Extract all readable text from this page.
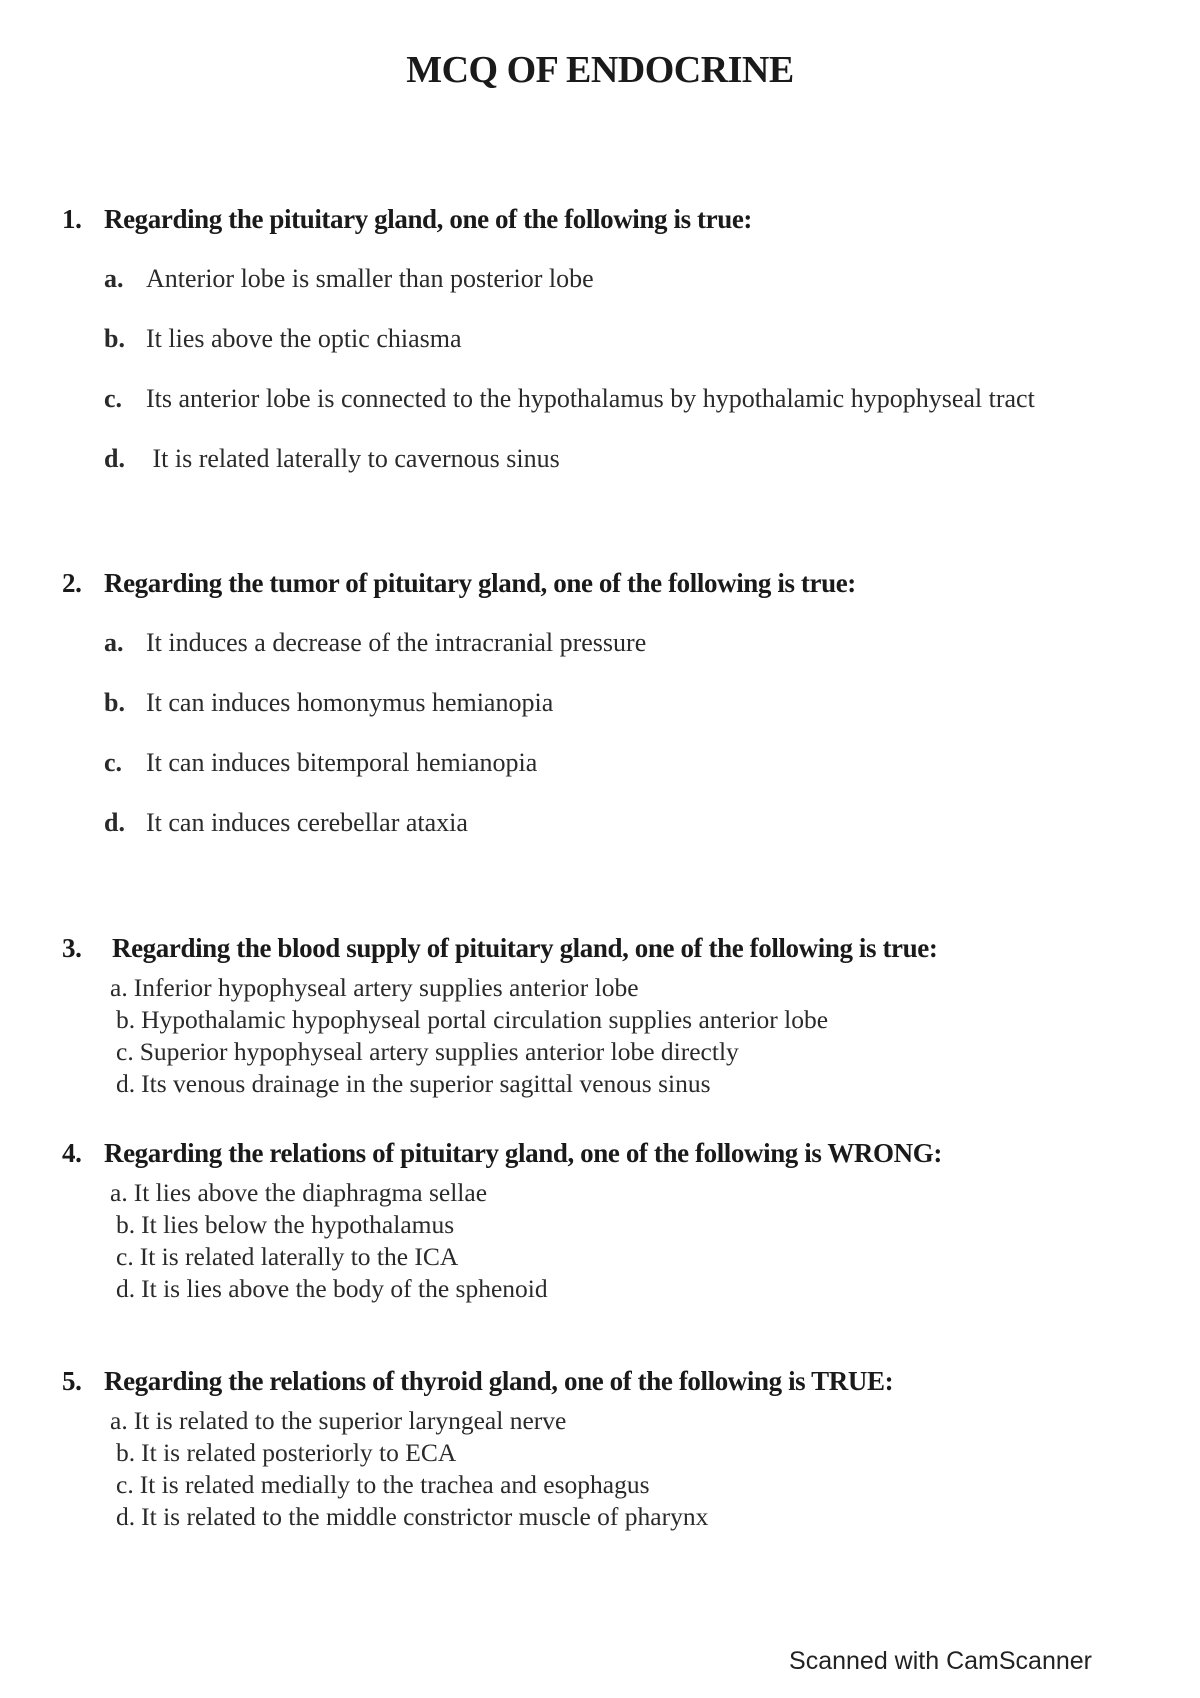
MCQ OF ENDOCRINE
1. Regarding the pituitary gland, one of the following is true:
a. Anterior lobe is smaller than posterior lobe
b. It lies above the optic chiasma
c. Its anterior lobe is connected to the hypothalamus by hypothalamic hypophyseal tract
d. It is related laterally to cavernous sinus
2. Regarding the tumor of pituitary gland, one of the following is true:
a. It induces a decrease of the intracranial pressure
b. It can induces homonymus hemianopia
c. It can induces bitemporal hemianopia
d. It can induces cerebellar ataxia
3. Regarding the blood supply of pituitary gland, one of the following is true:
a. Inferior hypophyseal artery supplies anterior lobe
b. Hypothalamic hypophyseal portal circulation supplies anterior lobe
c. Superior hypophyseal artery supplies anterior lobe directly
d. Its venous drainage in the superior sagittal venous sinus
4. Regarding the relations of pituitary gland, one of the following is WRONG:
a. It lies above the diaphragma sellae
b. It lies below the hypothalamus
c. It is related laterally to the ICA
d. It is lies above the body of the sphenoid
5. Regarding the relations of thyroid gland, one of the following is TRUE:
a. It is related to the superior laryngeal nerve
b. It is related posteriorly to ECA
c. It is related medially to the trachea and esophagus
d. It is related to the middle constrictor muscle of pharynx
Scanned with CamScanner
